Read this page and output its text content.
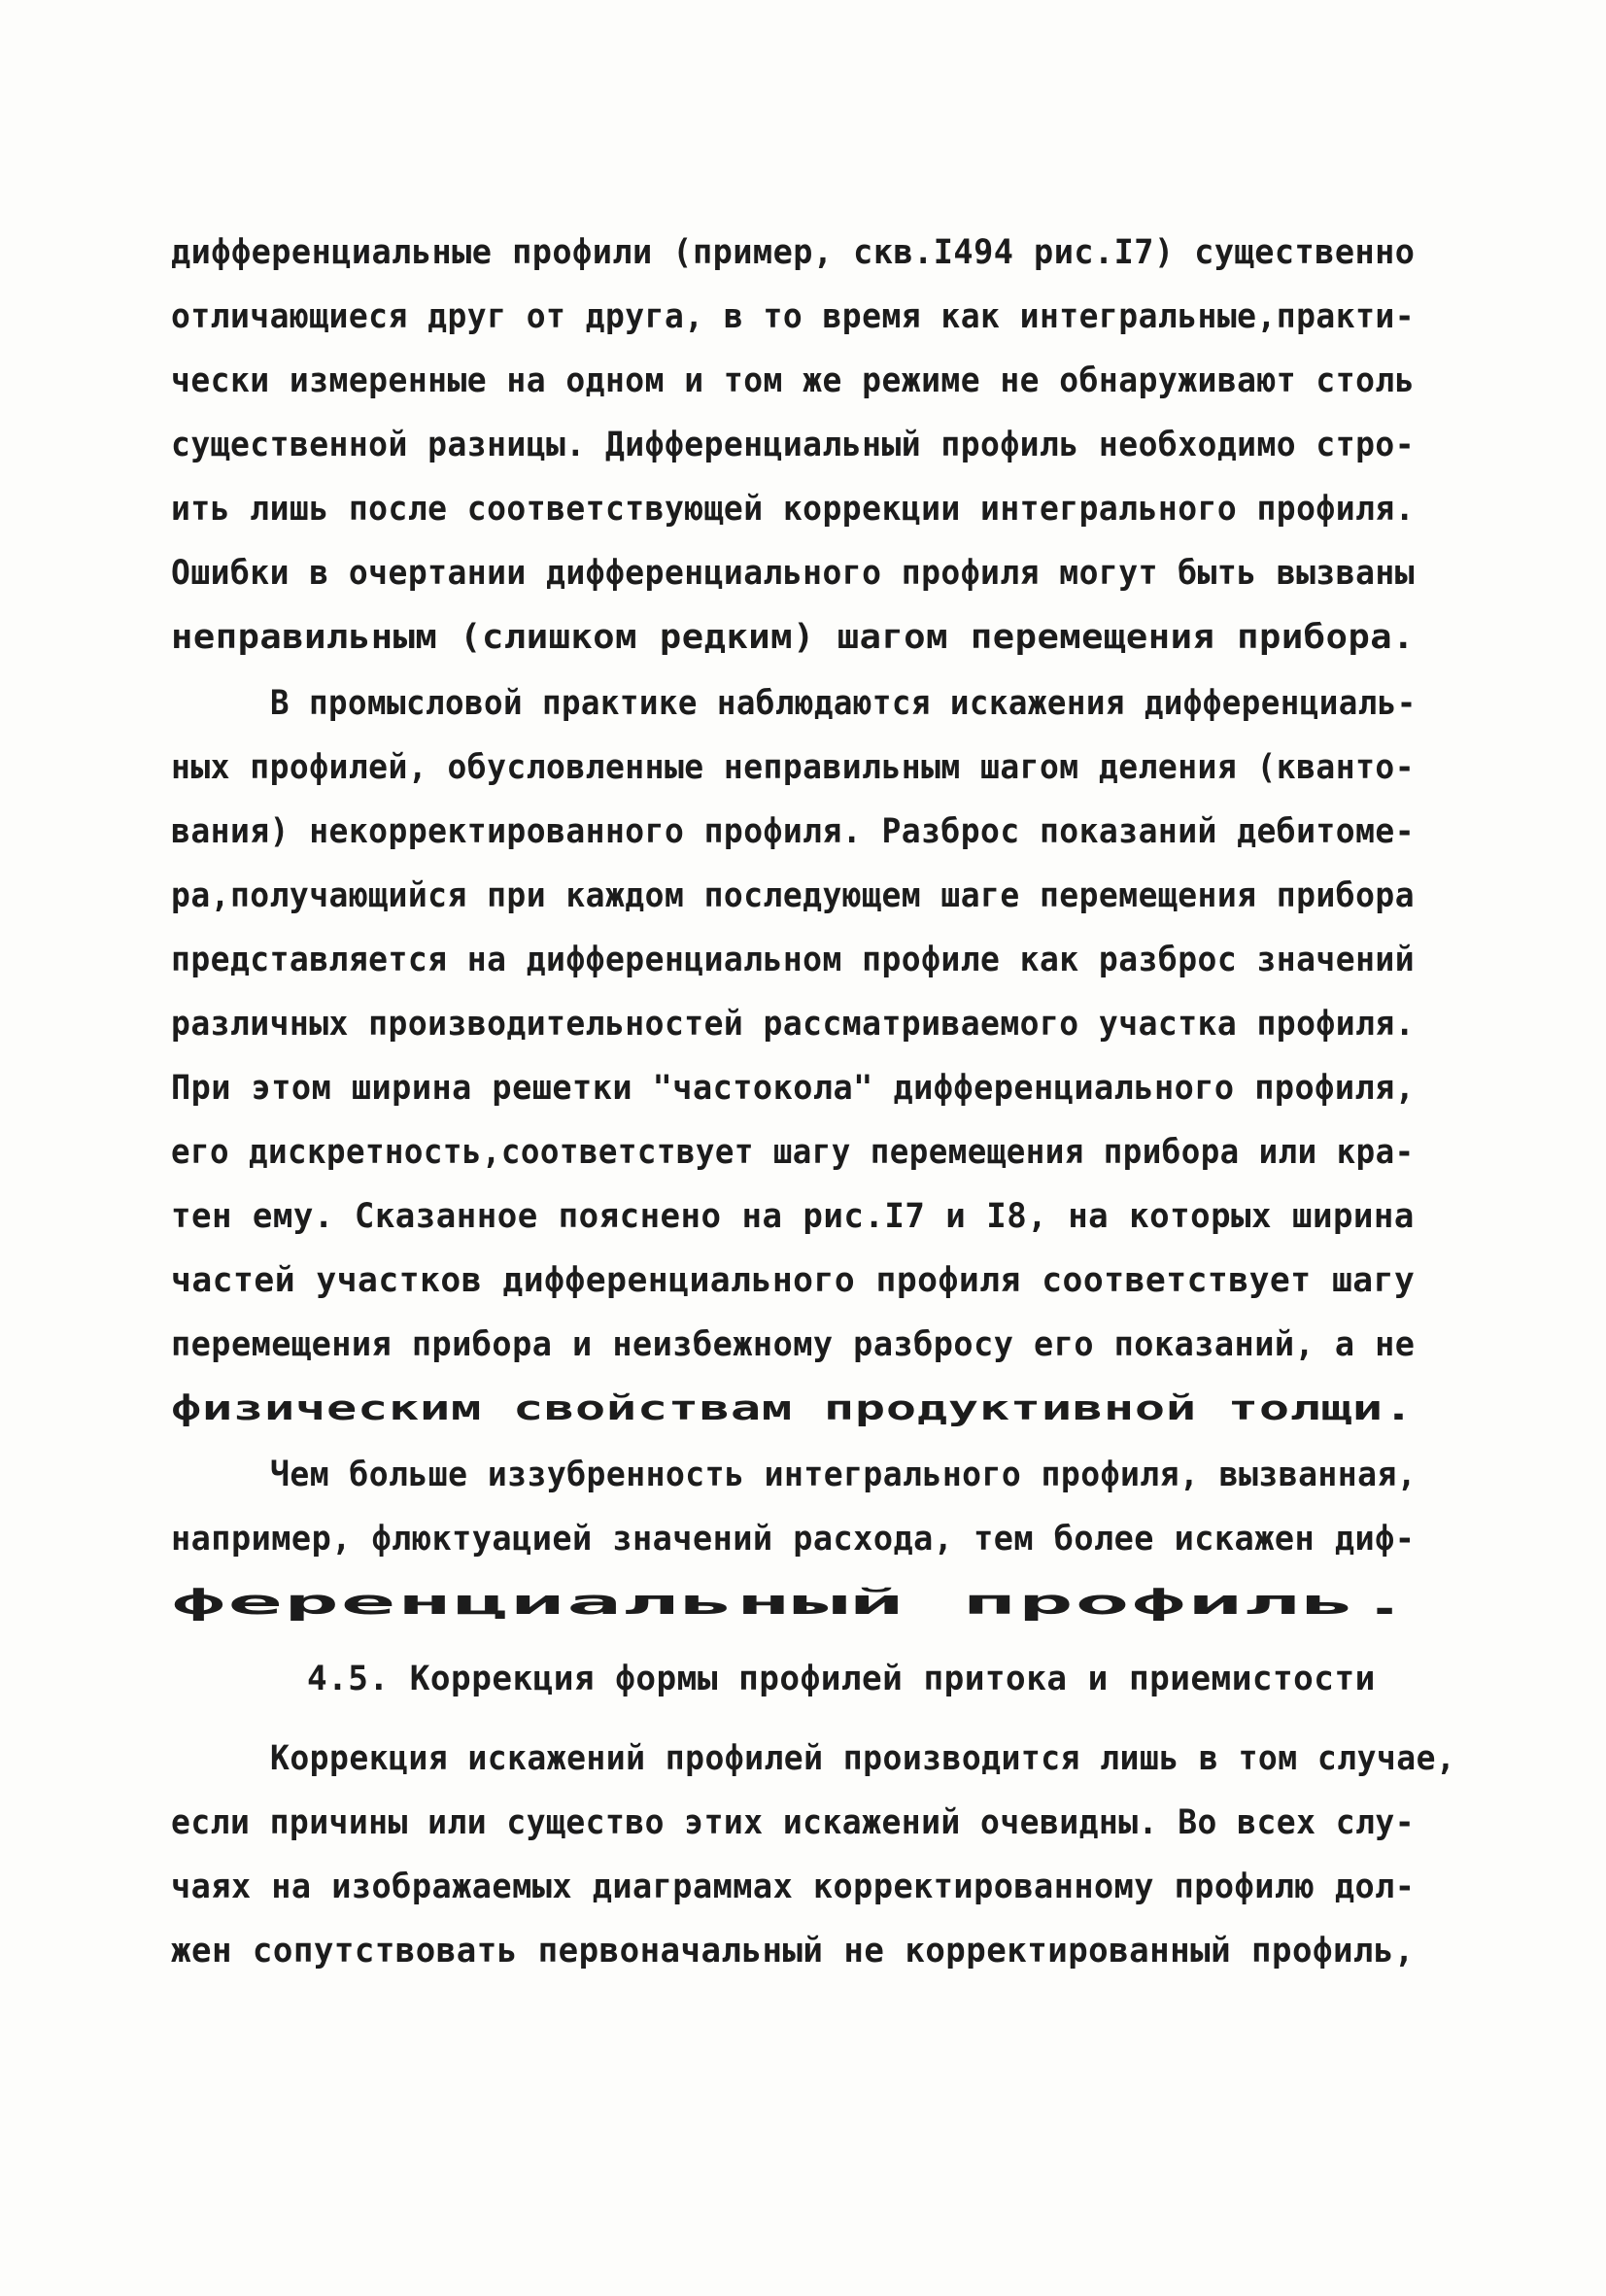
дифференциальные профили (пример, скв.I494 рис.I7) существенно
отличающиеся друг от друга, в то время как интегральные,практи-
чески измеренные на одном и том же режиме не обнаруживают столь
существенной разницы. Дифференциальный профиль необходимо стро-
ить лишь после соответствующей коррекции интегрального профиля.
Ошибки в очертании дифференциального профиля могут быть вызваны
неправильным (слишком редким) шагом перемещения прибора.
В промысловой практике наблюдаются искажения дифференциаль-
ных профилей, обусловленные неправильным шагом деления (кванто-
вания) некорректированного профиля. Разброс показаний дебитоме-
ра,получающийся при каждом последующем шаге перемещения прибора
представляется на дифференциальном профиле как разброс значений
различных производительностей рассматриваемого участка профиля.
При этом ширина решетки "частокола" дифференциального профиля,
его дискретность,соответствует шагу перемещения прибора или кра-
тен ему. Сказанное пояснено на рис.I7 и I8, на которых ширина
частей участков дифференциального профиля соответствует шагу
перемещения прибора и неизбежному разбросу его показаний, а не
физическим свойствам продуктивной толщи.
Чем больше иззубренность интегрального профиля, вызванная,
например, флюктуацией значений расхода, тем более искажен диф-
ференциальный профиль.
4.5. Коррекция формы профилей притока и приемистости
Коррекция искажений профилей производится лишь в том случае,
если причины или существо этих искажений очевидны. Во всех слу-
чаях на изображаемых диаграммах корректированному профилю дол-
жен сопутствовать первоначальный не корректированный профиль,
